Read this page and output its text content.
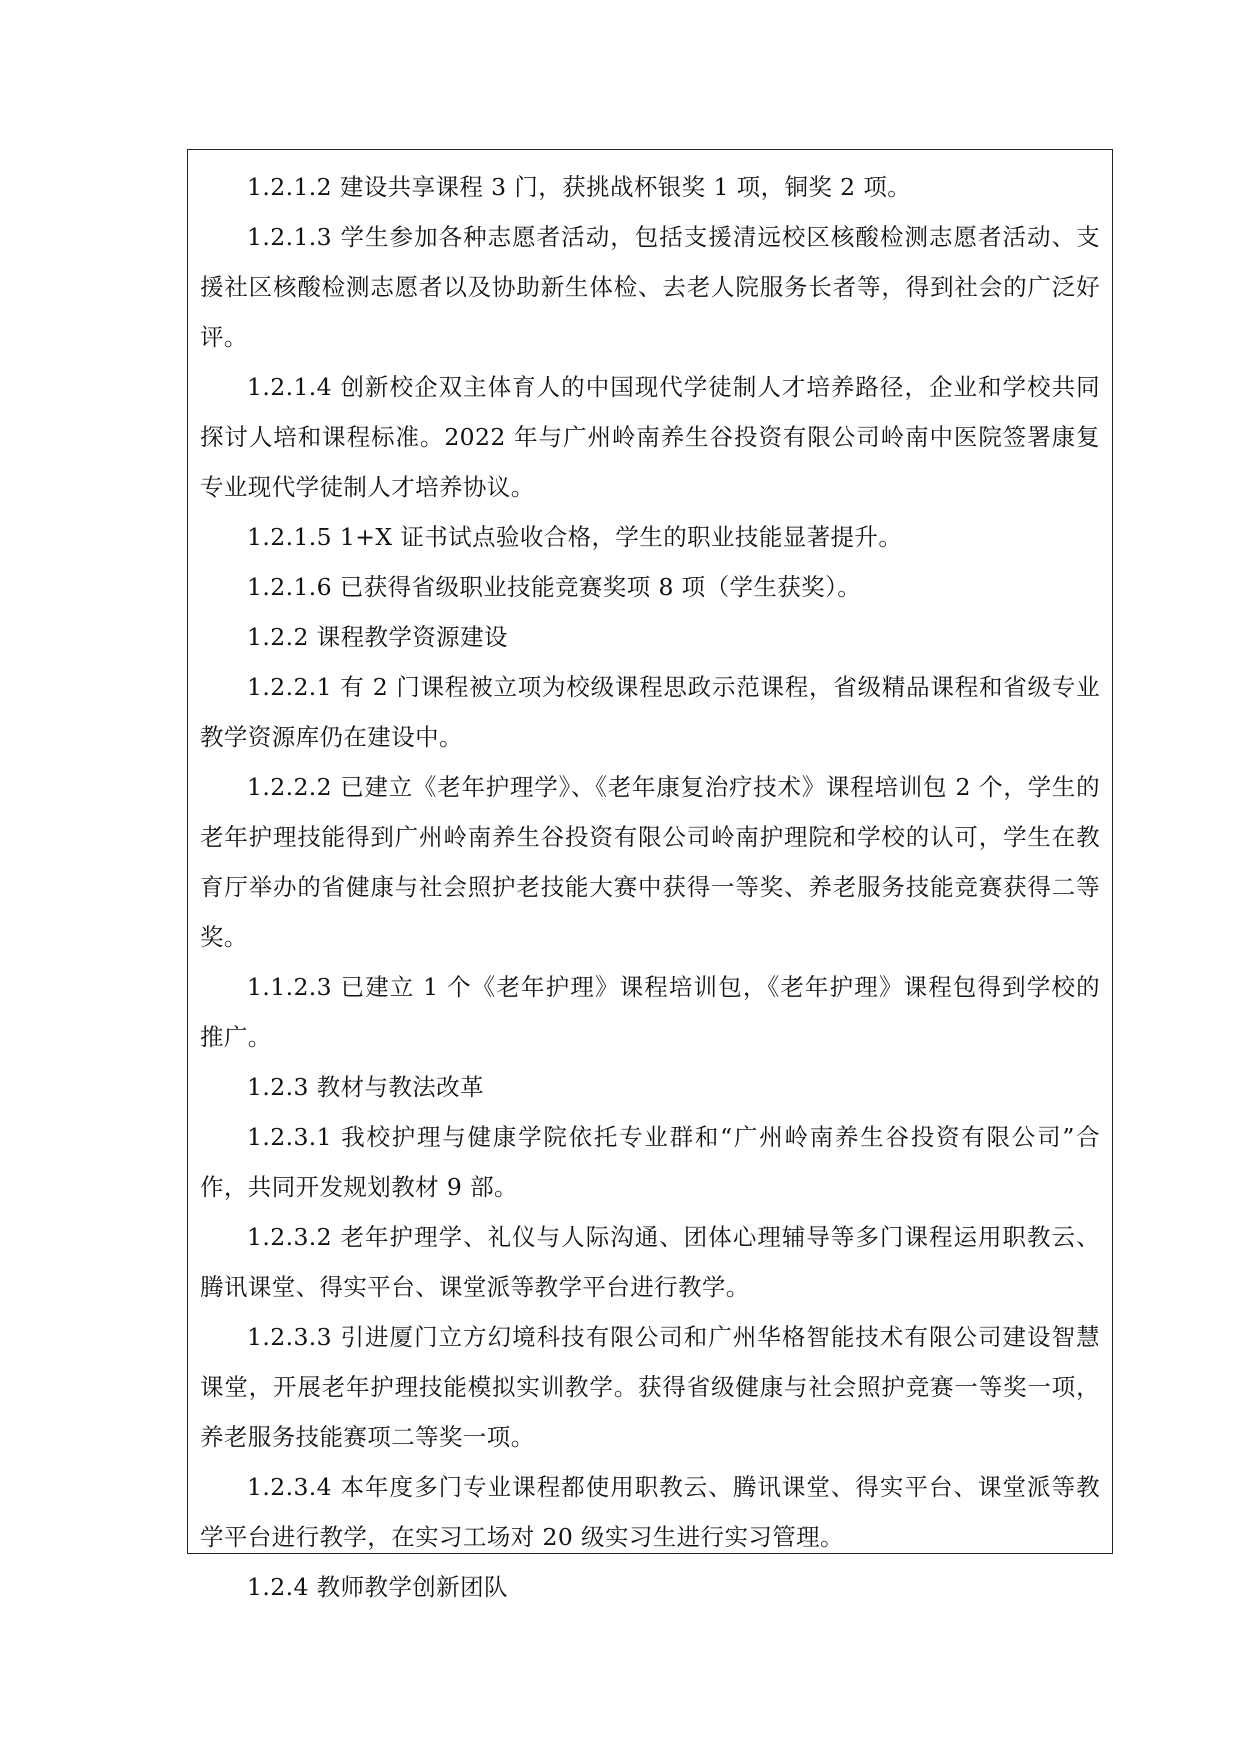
1.2.1.2 建设共享课程 3 门，获挑战杯银奖 1 项，铜奖 2 项。

1.2.1.3 学生参加各种志愿者活动，包括支援清远校区核酸检测志愿者活动、支援社区核酸检测志愿者以及协助新生体检、去老人院服务长者等，得到社会的广泛好评。

1.2.1.4 创新校企双主体育人的中国现代学徒制人才培养路径，企业和学校共同探讨人培和课程标准。2022 年与广州岭南养生谷投资有限公司岭南中医院签署康复专业现代学徒制人才培养协议。

1.2.1.5 1+X 证书试点验收合格，学生的职业技能显著提升。

1.2.1.6 已获得省级职业技能竞赛奖项 8 项（学生获奖）。

1.2.2 课程教学资源建设

1.2.2.1 有 2 门课程被立项为校级课程思政示范课程，省级精品课程和省级专业教学资源库仍在建设中。

1.2.2.2 已建立《老年护理学》、《老年康复治疗技术》课程培训包 2 个，学生的老年护理技能得到广州岭南养生谷投资有限公司岭南护理院和学校的认可，学生在教育厅举办的省健康与社会照护老技能大赛中获得一等奖、养老服务技能竞赛获得二等奖。

1.1.2.3 已建立 1 个《老年护理》课程培训包，《老年护理》课程包得到学校的推广。

1.2.3 教材与教法改革

1.2.3.1 我校护理与健康学院依托专业群和“广州岭南养生谷投资有限公司”合作，共同开发规划教材 9 部。

1.2.3.2 老年护理学、礼仪与人际沟通、团体心理辅导等多门课程运用职教云、腾讯课堂、得实平台、课堂派等教学平台进行教学。

1.2.3.3 引进厦门立方幻境科技有限公司和广州华格智能技术有限公司建设智慧课堂，开展老年护理技能模拟实训教学。获得省级健康与社会照护竞赛一等奖一项，养老服务技能赛项二等奖一项。

1.2.3.4 本年度多门专业课程都使用职教云、腾讯课堂、得实平台、课堂派等教学平台进行教学，在实习工场对 20 级实习生进行实习管理。

1.2.4 教师教学创新团队
